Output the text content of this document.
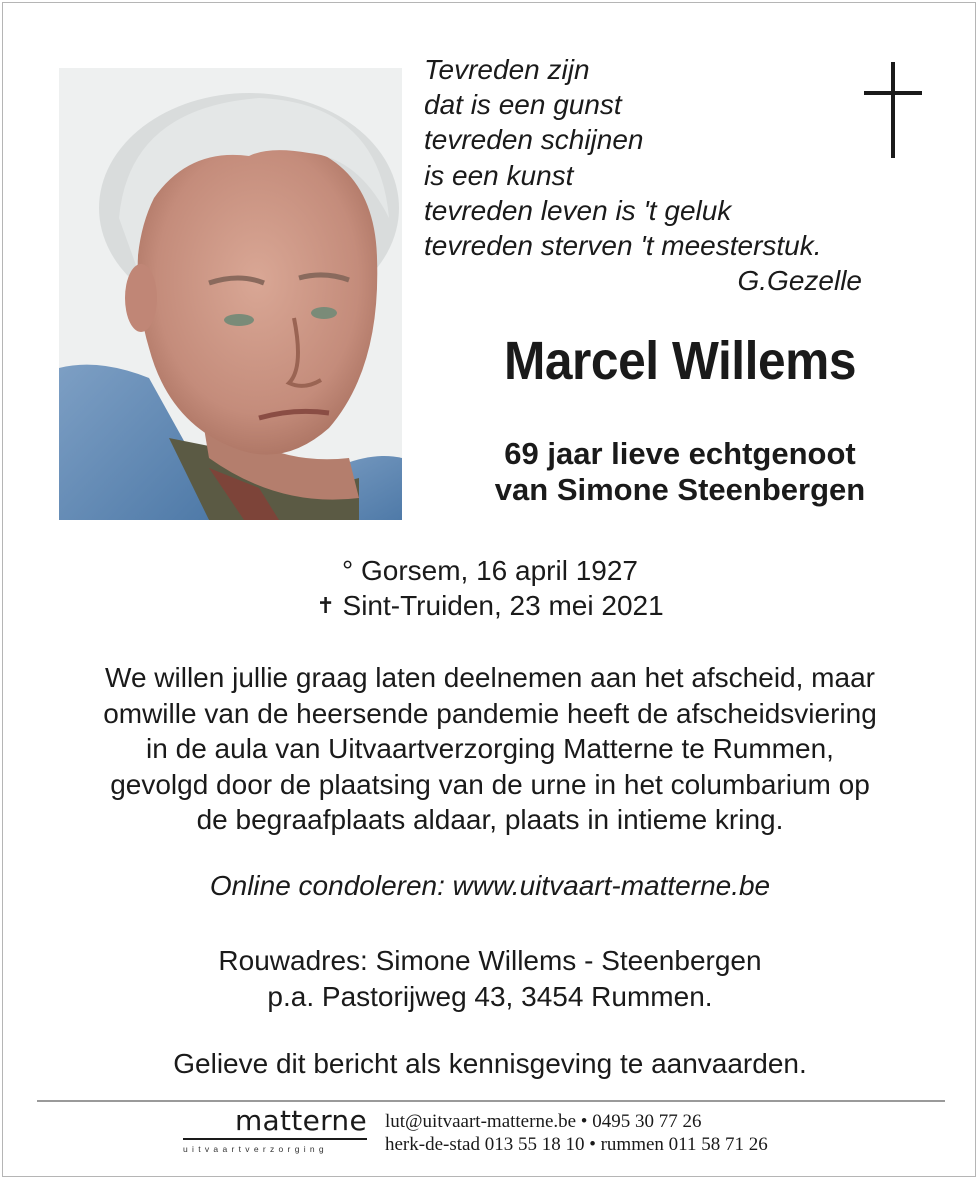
Tevreden zijn
dat is een gunst
tevreden schijnen
is een kunst
tevreden leven is 't geluk
tevreden sterven 't meesterstuk.
G.Gezelle
Marcel Willems
69 jaar lieve echtgenoot
van Simone Steenbergen
° Gorsem, 16 april 1927
✝ Sint-Truiden, 23 mei 2021
We willen jullie graag laten deelnemen aan het afscheid, maar
omwille van de heersende pandemie heeft de afscheidsviering
in de aula van Uitvaartverzorging Matterne te Rummen,
gevolgd door de plaatsing van de urne in het columbarium op
de begraafplaats aldaar, plaats in intieme kring.
Online condoleren: www.uitvaart-matterne.be
Rouwadres: Simone Willems - Steenbergen
p.a. Pastorijweg 43, 3454 Rummen.
Gelieve dit bericht als kennisgeving te aanvaarden.
matterne
uitvaartverzorging
lut@uitvaart-matterne.be • 0495 30 77 26
herk-de-stad 013 55 18 10 • rummen 011 58 71 26
